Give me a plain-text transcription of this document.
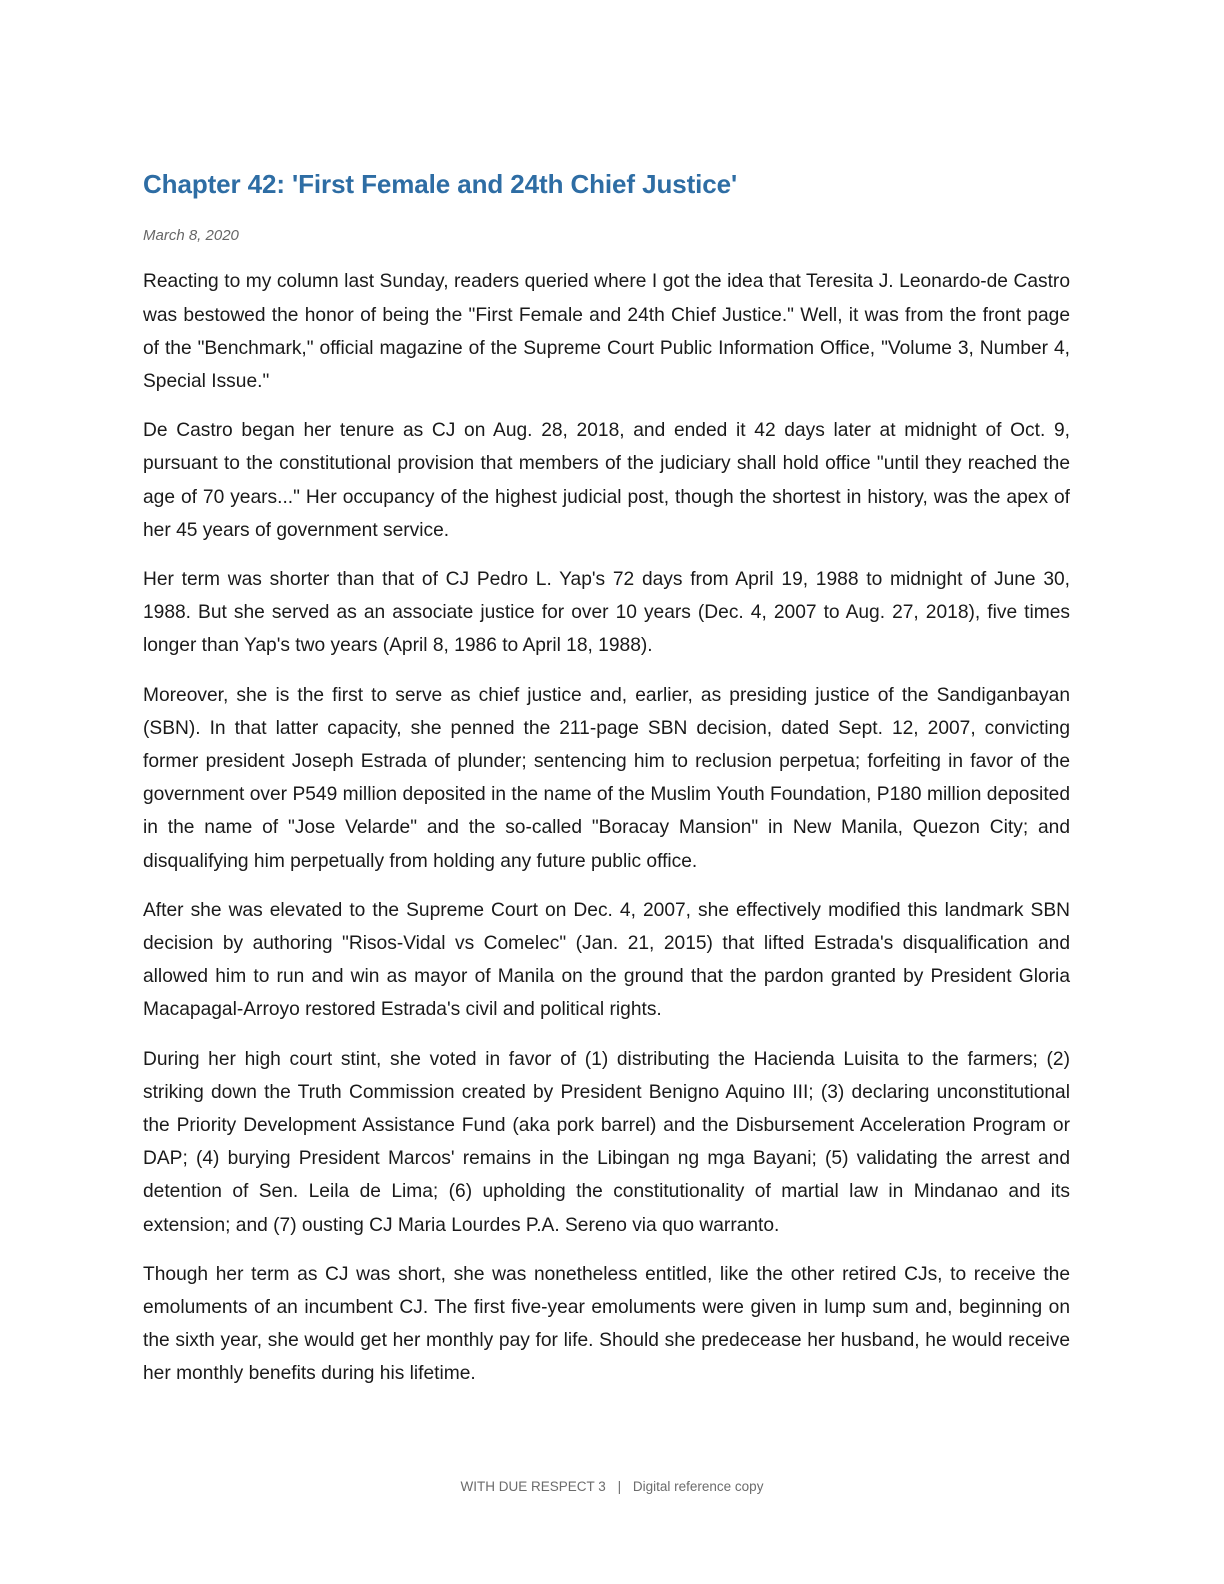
Chapter 42: 'First Female and 24th Chief Justice'
March 8, 2020

Reacting to my column last Sunday, readers queried where I got the idea that Teresita J. Leonardo-de Castro was bestowed the honor of being the "First Female and 24th Chief Justice." Well, it was from the front page of the "Benchmark," official magazine of the Supreme Court Public Information Office, "Volume 3, Number 4, Special Issue."

De Castro began her tenure as CJ on Aug. 28, 2018, and ended it 42 days later at midnight of Oct. 9, pursuant to the constitutional provision that members of the judiciary shall hold office "until they reached the age of 70 years..." Her occupancy of the highest judicial post, though the shortest in history, was the apex of her 45 years of government service.

Her term was shorter than that of CJ Pedro L. Yap's 72 days from April 19, 1988 to midnight of June 30, 1988. But she served as an associate justice for over 10 years (Dec. 4, 2007 to Aug. 27, 2018), five times longer than Yap's two years (April 8, 1986 to April 18, 1988).

Moreover, she is the first to serve as chief justice and, earlier, as presiding justice of the Sandiganbayan (SBN). In that latter capacity, she penned the 211-page SBN decision, dated Sept. 12, 2007, convicting former president Joseph Estrada of plunder; sentencing him to reclusion perpetua; forfeiting in favor of the government over P549 million deposited in the name of the Muslim Youth Foundation, P180 million deposited in the name of "Jose Velarde" and the so-called "Boracay Mansion" in New Manila, Quezon City; and disqualifying him perpetually from holding any future public office.

After she was elevated to the Supreme Court on Dec. 4, 2007, she effectively modified this landmark SBN decision by authoring "Risos-Vidal vs Comelec" (Jan. 21, 2015) that lifted Estrada's disqualification and allowed him to run and win as mayor of Manila on the ground that the pardon granted by President Gloria Macapagal-Arroyo restored Estrada's civil and political rights.

During her high court stint, she voted in favor of (1) distributing the Hacienda Luisita to the farmers; (2) striking down the Truth Commission created by President Benigno Aquino III; (3) declaring unconstitutional the Priority Development Assistance Fund (aka pork barrel) and the Disbursement Acceleration Program or DAP; (4) burying President Marcos' remains in the Libingan ng mga Bayani; (5) validating the arrest and detention of Sen. Leila de Lima; (6) upholding the constitutionality of martial law in Mindanao and its extension; and (7) ousting CJ Maria Lourdes P.A. Sereno via quo warranto.

Though her term as CJ was short, she was nonetheless entitled, like the other retired CJs, to receive the emoluments of an incumbent CJ. The first five-year emoluments were given in lump sum and, beginning on the sixth year, she would get her monthly pay for life. Should she predecease her husband, he would receive her monthly benefits during his lifetime.

WITH DUE RESPECT 3 | Digital reference copy
